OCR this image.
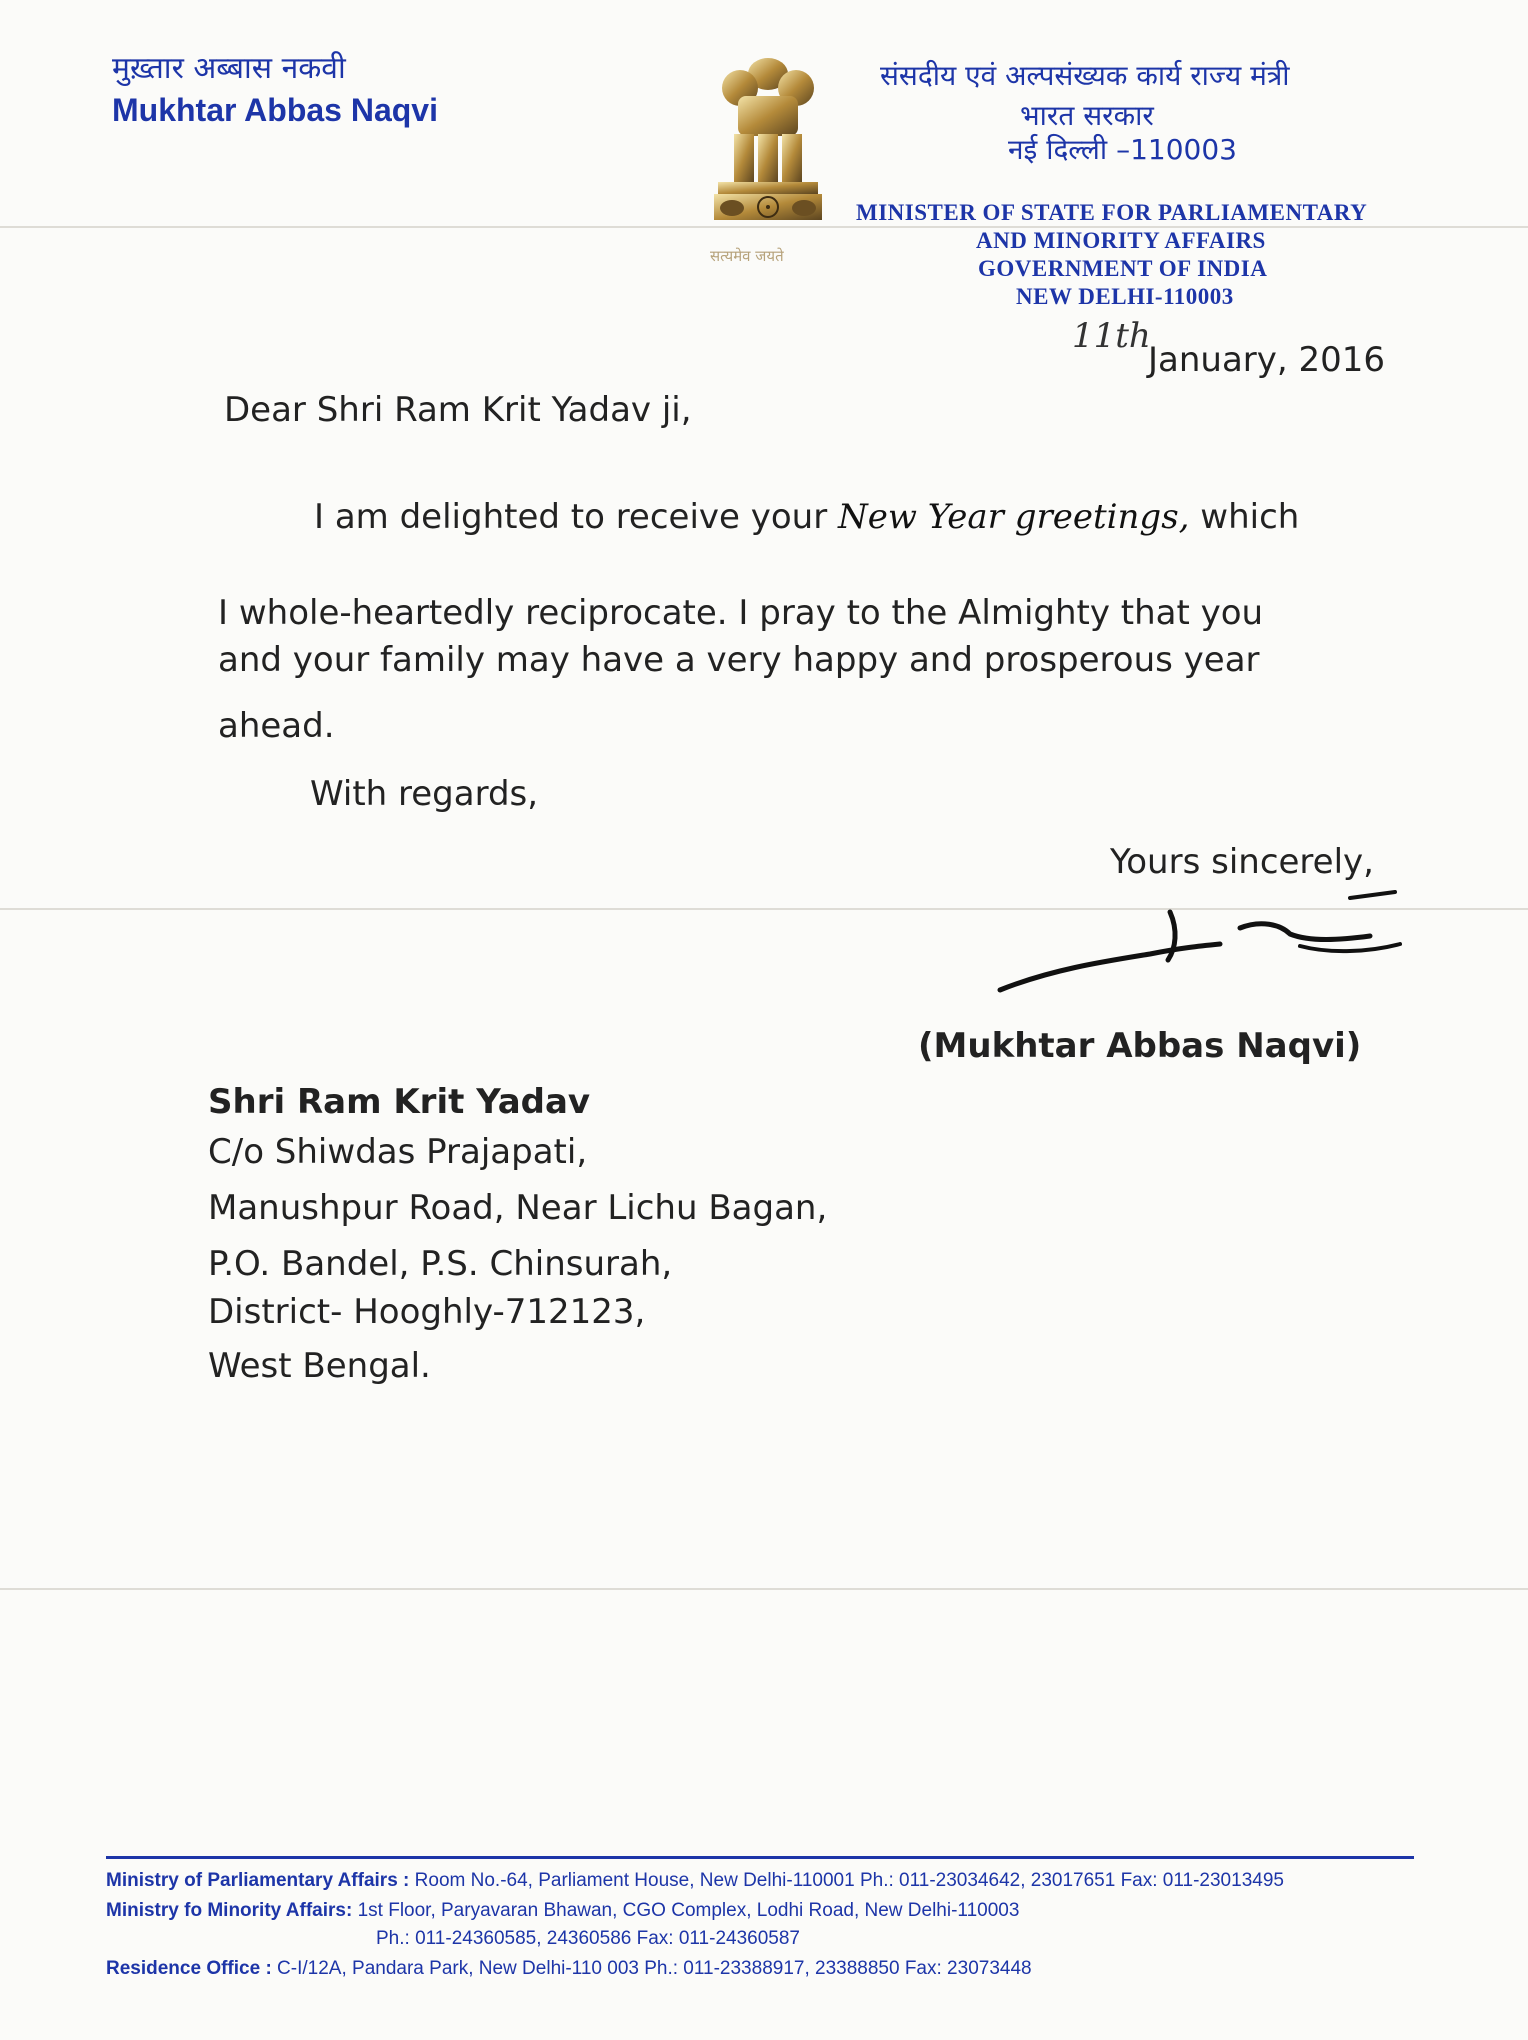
मुख़्तार अब्बास नकवी
Mukhtar Abbas Naqvi
सत्यमेव जयते
संसदीय एवं अल्पसंख्यक कार्य राज्य मंत्री
भारत सरकार
नई दिल्ली –110003
MINISTER OF STATE FOR PARLIAMENTARY
AND MINORITY AFFAIRS
GOVERNMENT OF INDIA
NEW DELHI-110003
11th
January, 2016
Dear Shri Ram Krit Yadav ji,
I am delighted to receive your New Year greetings, which
I whole-heartedly reciprocate. I pray to the Almighty that you
and your family may have a very happy and prosperous year
ahead.
With regards,
Yours sincerely,
(Mukhtar Abbas Naqvi)
Shri Ram Krit Yadav
C/o Shiwdas Prajapati,
Manushpur Road, Near Lichu Bagan,
P.O. Bandel, P.S. Chinsurah,
District- Hooghly-712123,
West Bengal.
Ministry of Parliamentary Affairs : Room No.-64, Parliament House, New Delhi-110001 Ph.: 011-23034642, 23017651 Fax: 011-23013495
Ministry fo Minority Affairs: 1st Floor, Paryavaran Bhawan, CGO Complex, Lodhi Road, New Delhi-110003
Ph.: 011-24360585, 24360586 Fax: 011-24360587
Residence Office : C-I/12A, Pandara Park, New Delhi-110 003 Ph.: 011-23388917, 23388850 Fax: 23073448
